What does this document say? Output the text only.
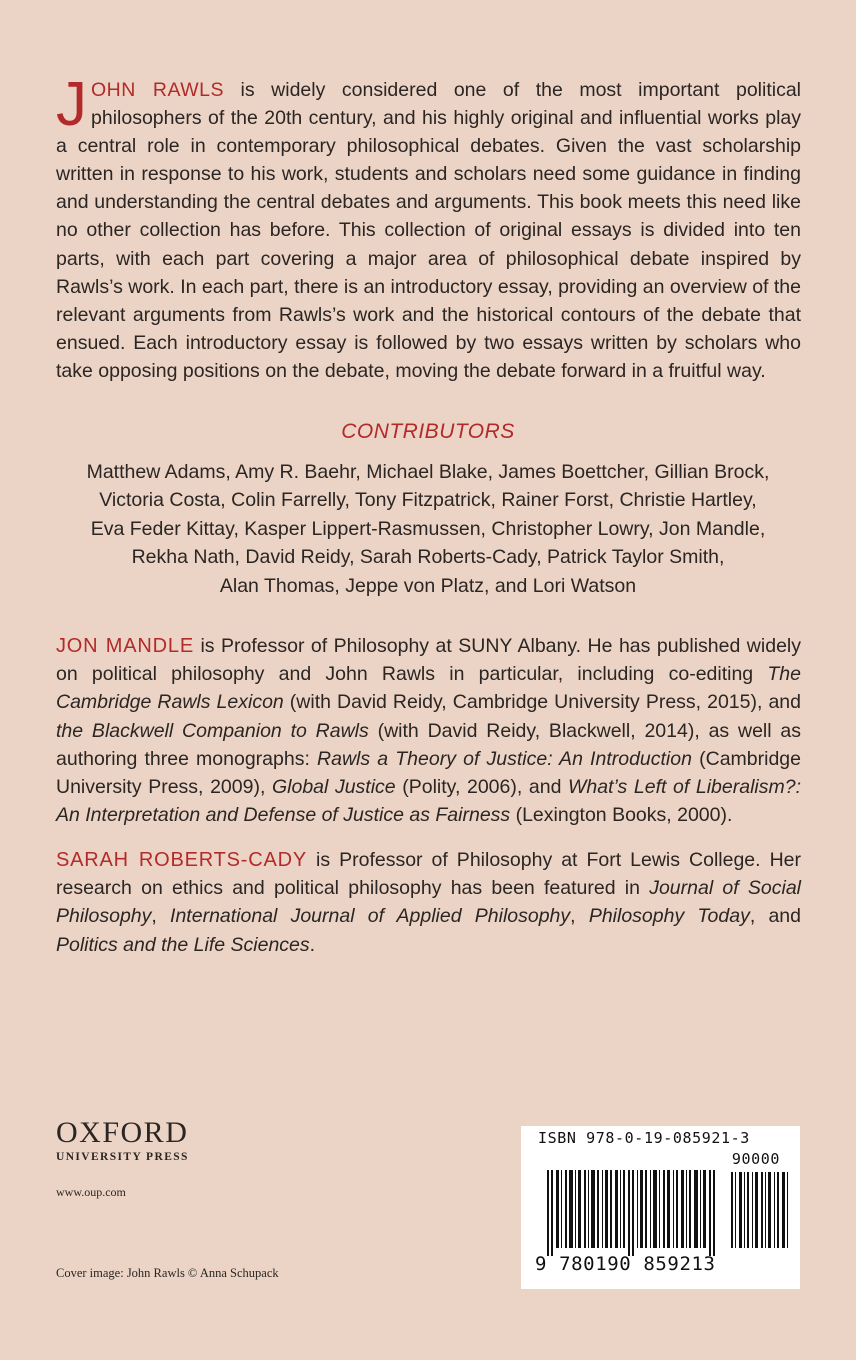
JOHN RAWLS is widely considered one of the most important political philosophers of the 20th century, and his highly original and influential works play a central role in contemporary philosophical debates. Given the vast scholarship written in response to his work, students and scholars need some guidance in finding and understanding the central debates and arguments. This book meets this need like no other collection has before. This collection of original essays is divided into ten parts, with each part covering a major area of philosophical debate inspired by Rawls’s work. In each part, there is an introductory essay, providing an overview of the relevant arguments from Rawls’s work and the historical contours of the debate that ensued. Each introductory essay is followed by two essays written by scholars who take opposing positions on the debate, moving the debate forward in a fruitful way.
CONTRIBUTORS
Matthew Adams, Amy R. Baehr, Michael Blake, James Boettcher, Gillian Brock,
Victoria Costa, Colin Farrelly, Tony Fitzpatrick, Rainer Forst, Christie Hartley,
Eva Feder Kittay, Kasper Lippert-Rasmussen, Christopher Lowry, Jon Mandle,
Rekha Nath, David Reidy, Sarah Roberts-Cady, Patrick Taylor Smith,
Alan Thomas, Jeppe von Platz, and Lori Watson
JON MANDLE is Professor of Philosophy at SUNY Albany. He has published widely on political philosophy and John Rawls in particular, including co-editing The Cambridge Rawls Lexicon (with David Reidy, Cambridge University Press, 2015), and the Blackwell Companion to Rawls (with David Reidy, Blackwell, 2014), as well as authoring three monographs: Rawls a Theory of Justice: An Introduction (Cambridge University Press, 2009), Global Justice (Polity, 2006), and What’s Left of Liberalism?: An Interpretation and Defense of Justice as Fairness (Lexington Books, 2000).
SARAH ROBERTS-CADY is Professor of Philosophy at Fort Lewis College. Her research on ethics and political philosophy has been featured in Journal of Social Philosophy, International Journal of Applied Philosophy, Philosophy Today, and Politics and the Life Sciences.
OXFORD
UNIVERSITY PRESS
www.oup.com
Cover image: John Rawls © Anna Schupack
ISBN 978-0-19-085921-3
90000
9 780190 859213
